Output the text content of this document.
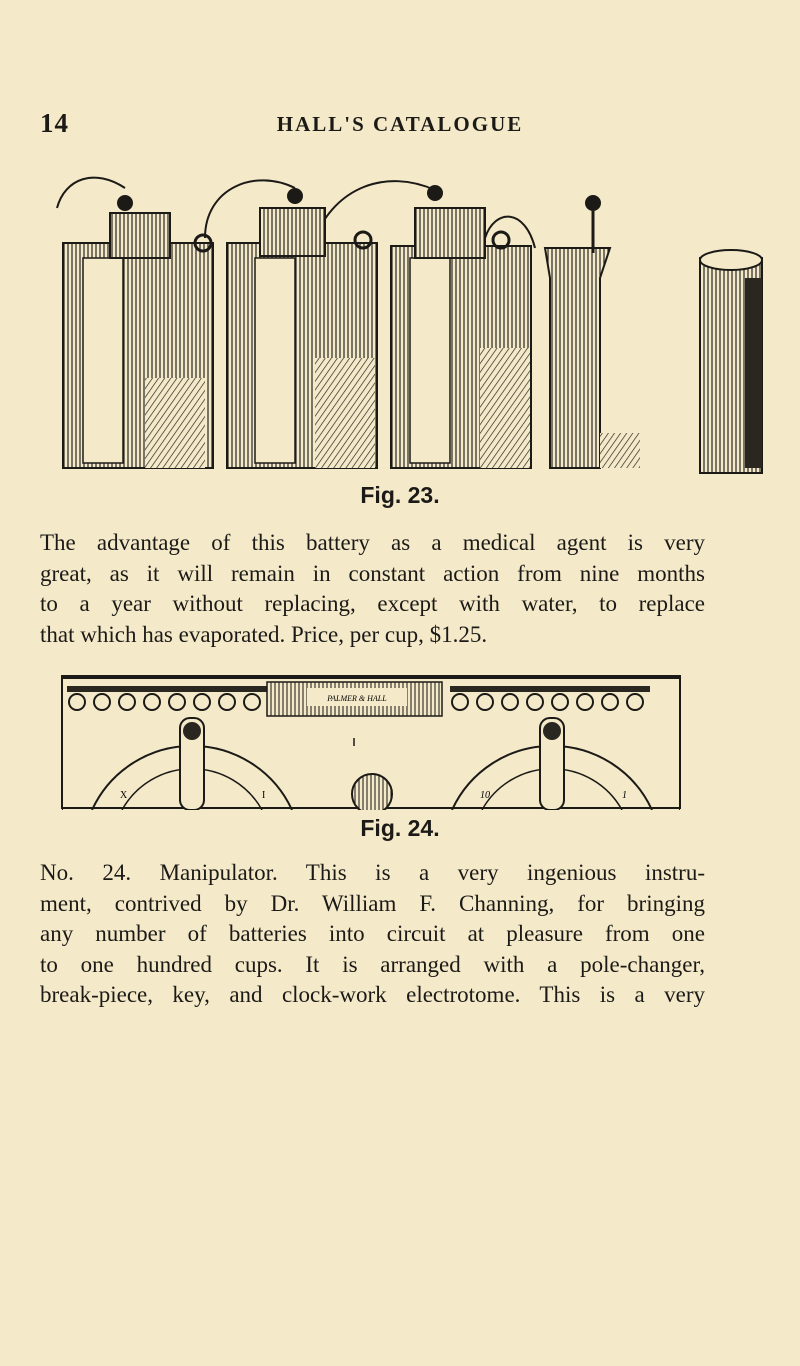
14	HALL'S CATALOGUE
Fig. 23.
The advantage of this battery as a medical agent is very
great, as it will remain in constant action from nine months
to a year without replacing, except with water, to replace
that which has evaporated. Price, per cup, $1.25.
PALMER & HALL
X	I	10	1
Fig. 24.
No. 24. Manipulator. This is a very ingenious instru-
ment, contrived by Dr. William F. Channing, for bringing
any number of batteries into circuit at pleasure from one
to one hundred cups. It is arranged with a pole-changer,
break-piece, key, and clock-work electrotome. This is a very
